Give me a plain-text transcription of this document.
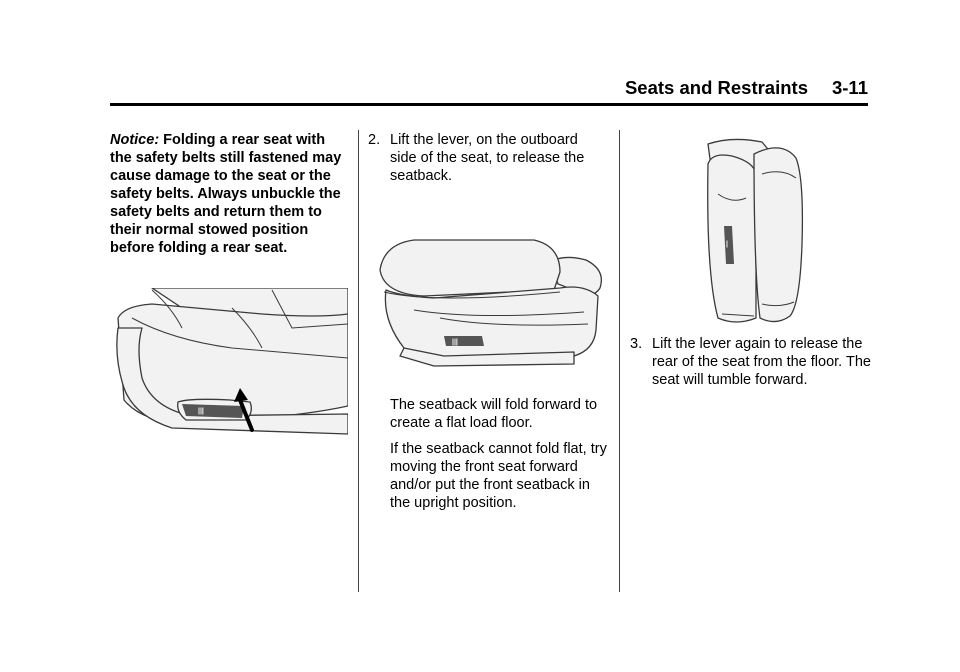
Seats and Restraints 3-11
Notice: Folding a rear seat with the safety belts still fastened may cause damage to the seat or the safety belts. Always unbuckle the safety belts and return them to their normal stowed position before folding a rear seat.
|||
2. Lift the lever, on the outboard side of the seat, to release the seatback.
|||
The seatback will fold forward to create a flat load floor.
If the seatback cannot fold flat, try moving the front seat forward and/or put the front seatback in the upright position.
|
3. Lift the lever again to release the rear of the seat from the floor. The seat will tumble forward.
